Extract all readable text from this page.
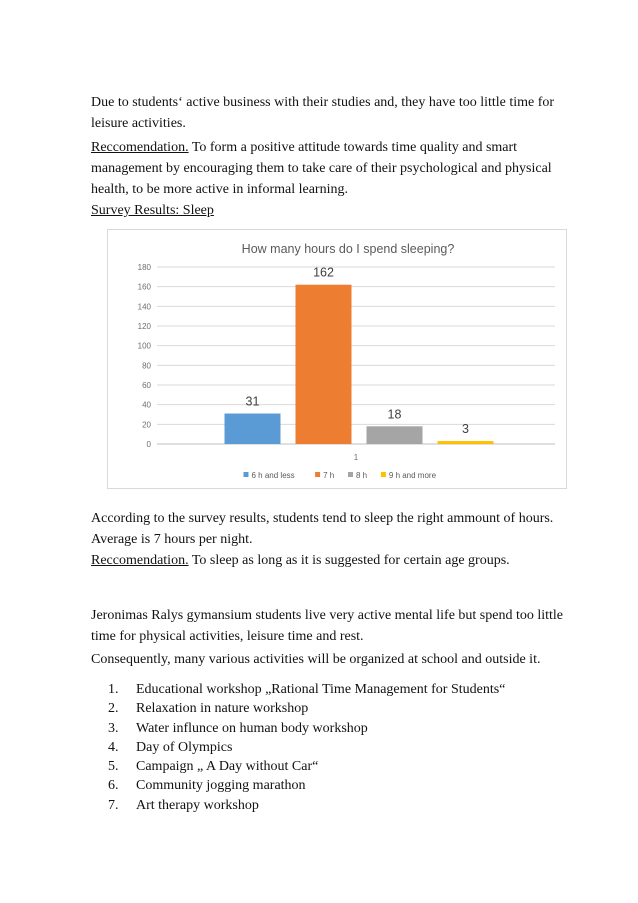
Due to students‘ active business with their studies and, they have too little time for
leisure activities.
Reccomendation. To form a positive attitude towards time quality and smart
management by encouraging them to take care of their psychological and physical
health, to be more active in informal learning.
Survey Results: Sleep
How many hours do I spend sleeping?
0
20
40
60
80
100
120
140
160
180
1
31
162
18
3
6 h and less	7 h	8 h	9 h and more
According to the survey results, students tend to sleep the right ammount of hours.
Average is 7 hours per night.
Reccomendation. To sleep as long as it is suggested for certain age groups.
Jeronimas Ralys gymansium students live very active mental life but spend too little
time for physical activities, leisure time and rest.
Consequently, many various activities will be organized at school and outside it.
1.	Educational workshop „Rational Time Management for Students“
2.	Relaxation in nature workshop
3.	Water influnce on human body workshop
4.	Day of Olympics
5.	Campaign „ A Day without Car“
6.	Community jogging marathon
7.	Art therapy workshop
